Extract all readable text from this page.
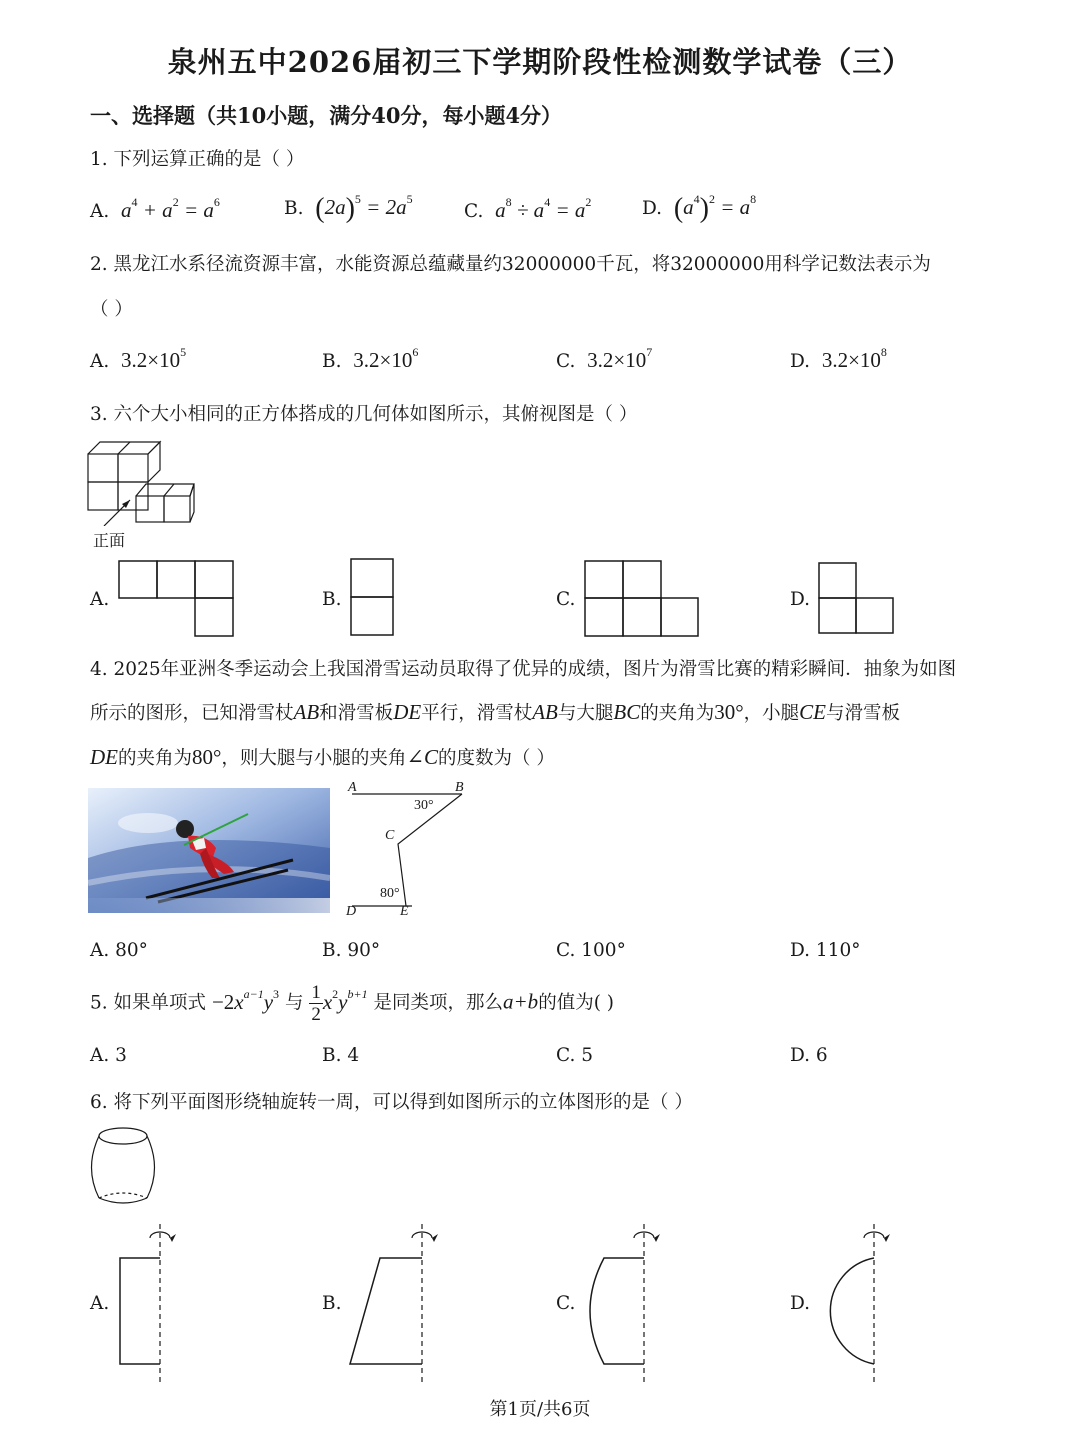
泉州五中2026届初三下学期阶段性检测数学试卷（三）
一、选择题（共10小题，满分40分，每小题4分）
1. 下列运算正确的是（ ）
A. $a^4 + a^2 = a^6$	B. $(2a)^5 = 2a^5$
C. $a^8 \div a^4 = a^2$	D. $(a^4)^2 = a^8$
2. 黑龙江水系径流资源丰富，水能资源总蕴藏量约32000000千瓦，将32000000用科学记数法表示为
（ ）
A. $3.2\times 10^5$	B. $3.2\times 10^6$	C. $3.2\times 10^7$	D. $3.2\times 10^8$
3. 六个大小相同的正方体搭成的几何体如图所示，其俯视图是（ ）
正面
A.	B.	C.	D.
4. 2025年亚洲冬季运动会上我国滑雪运动员取得了优异的成绩，图片为滑雪比赛的精彩瞬间．抽象为如图
所示的图形，已知滑雪杖AB和滑雪板DE平行，滑雪杖AB与大腿BC的夹角为30°，小腿CE与滑雪板
DE的夹角为80°，则大腿与小腿的夹角∠C的度数为（ ）
A	B
30°
C
80°
D	E
A. 80°	B. 90°	C. 100°	D. 110°
5. 如果单项式 $-2x^{a-1}y^3$ 与 $\frac{1}{2} x^2y^{b+1}$ 是同类项，那么a+b的值为( )
A. 3	B. 4	C. 5	D. 6
6. 将下列平面图形绕轴旋转一周，可以得到如图所示的立体图形的是（ ）
A.	B.	C.	D.
第1页/共6页
